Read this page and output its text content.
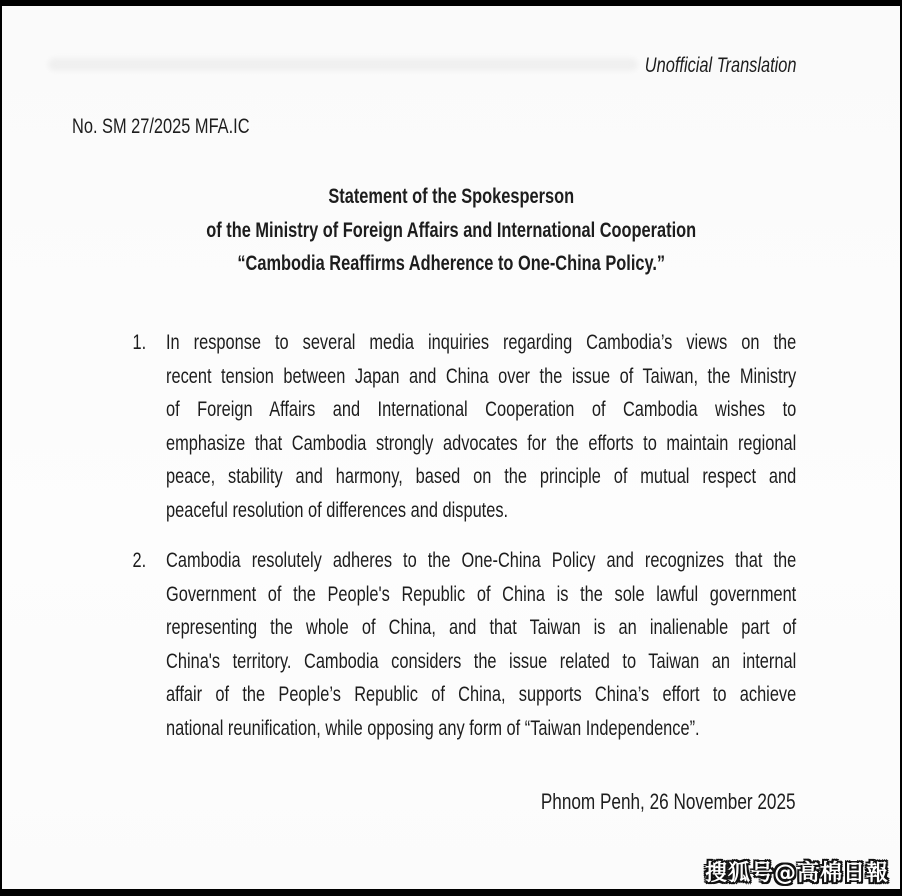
Unofficial Translation
No. SM 27/2025 MFA.IC
Statement of the Spokesperson
of the Ministry of Foreign Affairs and International Cooperation
“Cambodia Reaffirms Adherence to One-China Policy.”
1. In response to several media inquiries regarding Cambodia’s views on the
recent tension between Japan and China over the issue of Taiwan, the Ministry
of Foreign Affairs and International Cooperation of Cambodia wishes to
emphasize that Cambodia strongly advocates for the efforts to maintain regional
peace, stability and harmony, based on the principle of mutual respect and
peaceful resolution of differences and disputes.
2. Cambodia resolutely adheres to the One-China Policy and recognizes that the
Government of the People's Republic of China is the sole lawful government
representing the whole of China, and that Taiwan is an inalienable part of
China's territory. Cambodia considers the issue related to Taiwan an internal
affair of the People’s Republic of China, supports China’s effort to achieve
national reunification, while opposing any form of “Taiwan Independence”.
Phnom Penh, 26 November 2025
搜狐号@高棉日報
